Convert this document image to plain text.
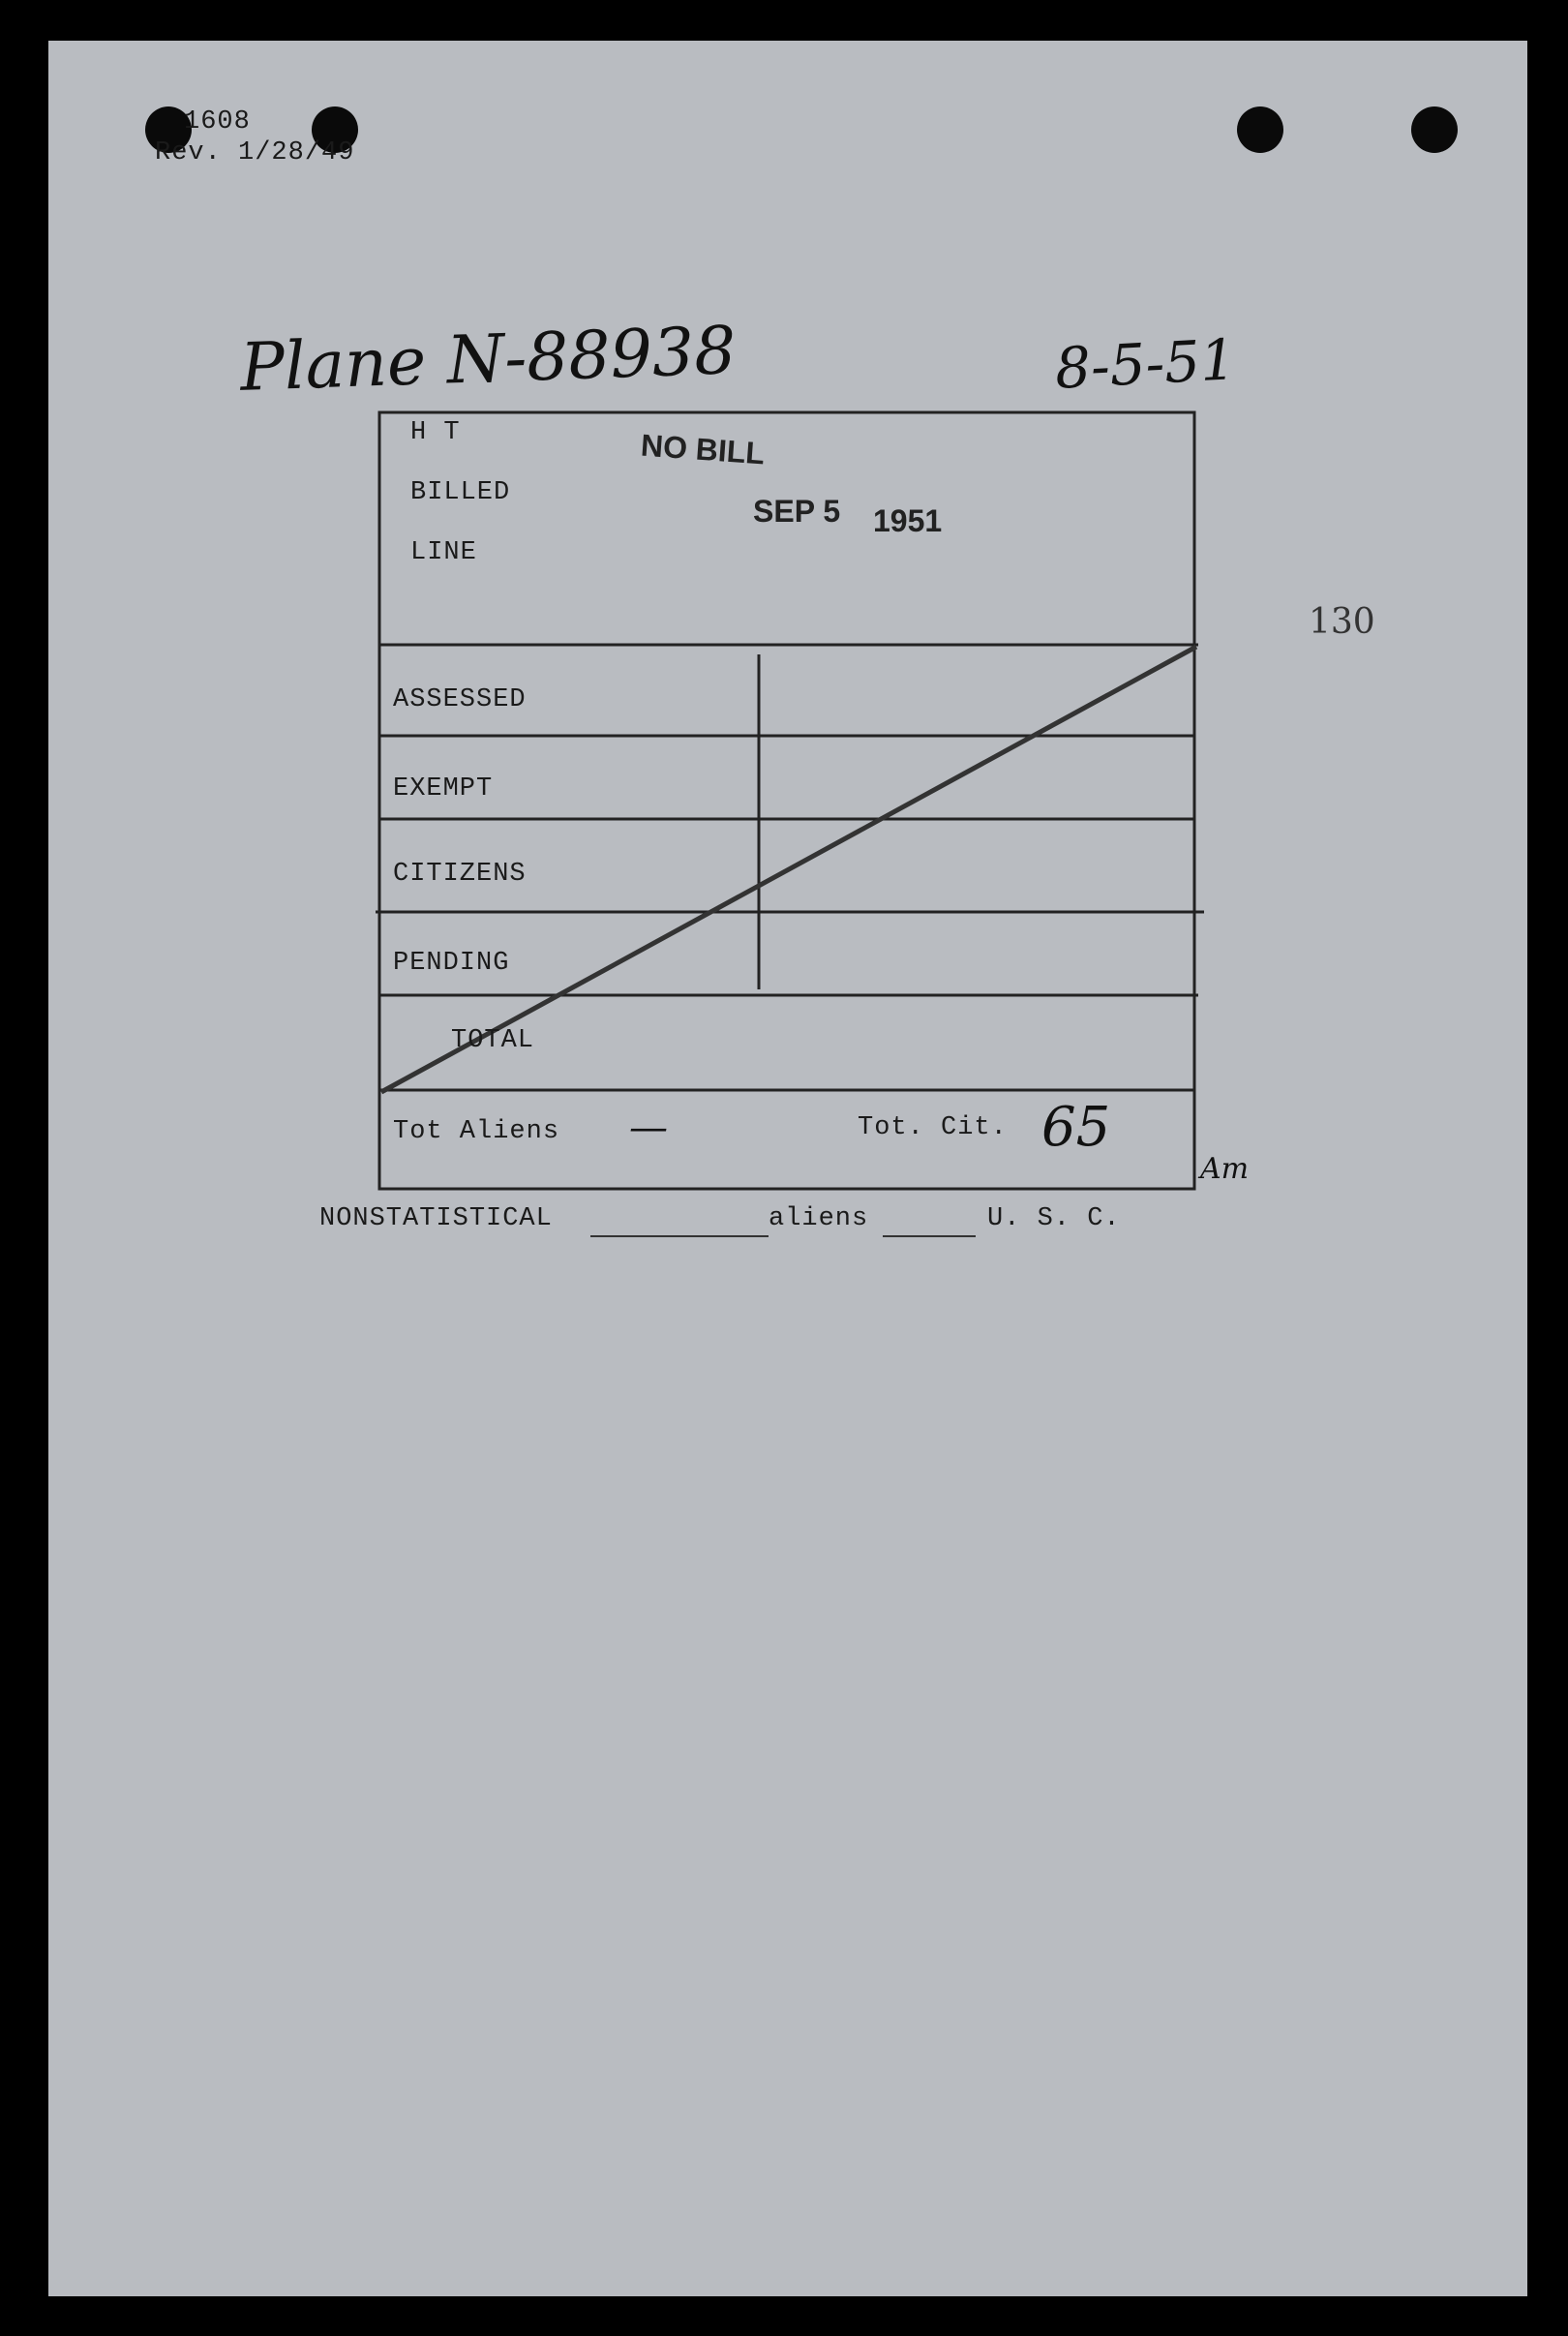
1608
Rev. 1/28/49
Plane N-88938	8-5-51
130
H T
BILLED
LINE
NO BILL
SEP 5 1951
ASSESSED
EXEMPT
CITIZENS
PENDING
TOTAL
Tot Aliens —	Tot. Cit. 65
Am
NONSTATISTICAL	aliens	U. S. C.
